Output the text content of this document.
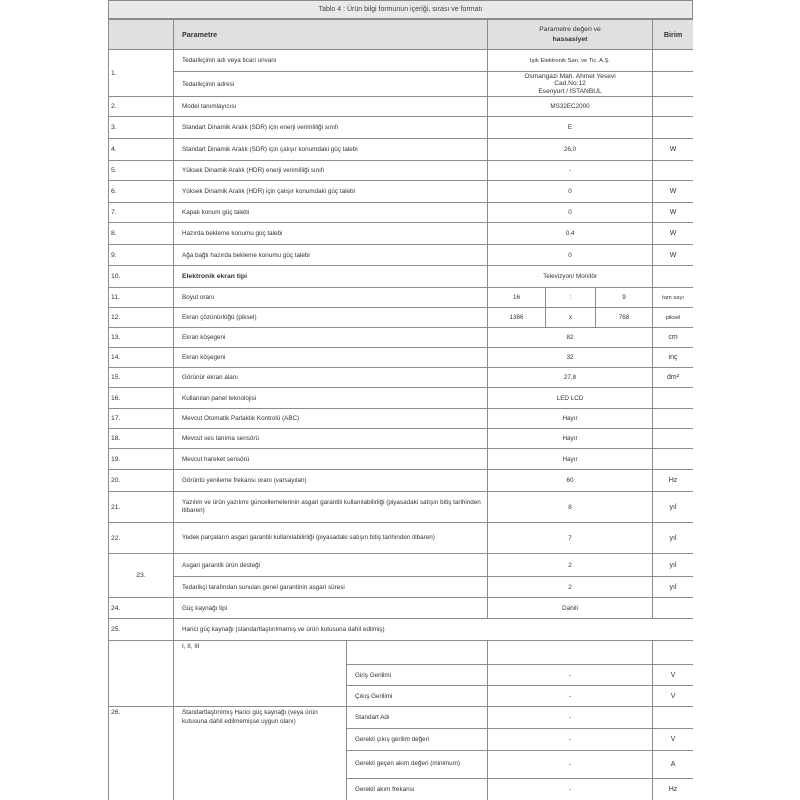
Tablo 4 : Ürün bilgi formunun içeriği, sırası ve formatı
	Parametre		Parametre değeri ve
hassasiyet			Birim
1.	Tedarikçinin adı veya ticari unvanı		Işık Elektronik San. ve Tic. A.Ş.			
	Tedarikçinin adresi		Osmangazi Mah. Ahmet Yesevi
Cad.No:12
Esenyurt / İSTANBUL			

2.	Model tanımlayıcısı		MS32EC2000			
3.	Standart Dinamik Aralık (SDR) için enerji verimliliği sınıfı		E			
4.	Standart Dinamik Aralık (SDR) için çalışır konumdaki güç talebi		26,0			W
5.	Yüksek Dinamik Aralık (HDR) enerji verimliliği sınıfı		-			
6.	Yüksek Dinamik Aralık (HDR) için çalışır konumdaki güç talebi		0			W
7.	Kapalı konum güç talebi		0			W
8.	Hazırda bekleme konumu güç talebi		0,4			W
9.	Ağa bağlı hazırda bekleme konumu güç talebi		0			W
10.	Elektronik ekran tipi		Televizyon/ Monitör			
11.	Boyut oranı		16	:	9	tam sayı
12.	Ekran çözünürlüğü (piksel)		1366	x	768	piksel
13.	Ekran köşegeni		82			cm
14.	Ekran köşegeni		32			inç
15.	Görünür ekran alanı		27,8			dm²
16.	Kullanılan panel teknolojisi		LED LCD			
17.	Mevcut Otomatik Parlaklık Kontrolü (ABC)		Hayır			
18.	Mevcut ses tanıma sensörü		Hayır			
19.	Mevcut hareket sensörü		Hayır			
20.	Görüntü yenileme frekansı oranı (varsayılan)		60			Hz
21.	Yazılım ve ürün yazılımı güncellemelerinin asgari garantili kullanılabilirliği (piyasadaki satışın bitiş tarihinden itibaren)		8			yıl
22.	Yedek parçaların asgari garantili kullanılabilirliği (piyasadaki satışın bitiş tarihinden itibaren)		7			yıl
23.	Asgari garantili ürün desteği		2			yıl
	Tedarikçi tarafından sunulan genel garantinin asgari süresi		2			yıl
24.	Güç kaynağı tipi		Dahili			
25.	Harici güç kaynağı (standartlaştırılmamış ve ürün kutusuna dahil edilmiş)					
	I, II, III					
		Giriş Gerilimi	-			V
		Çıkış Gerilimi	-			V
26.	Standartlaştırılmış Harici güç kaynağı (veya ürün kutusuna dahil edilmemişse uygun olanı)	Standart Adı	-			
		Gerekli çıkış gerilim değeri	-			V
		Gerekli geçen akım değeri (minimum)	-			A
		Gerekli akım frekansı	-			Hz
